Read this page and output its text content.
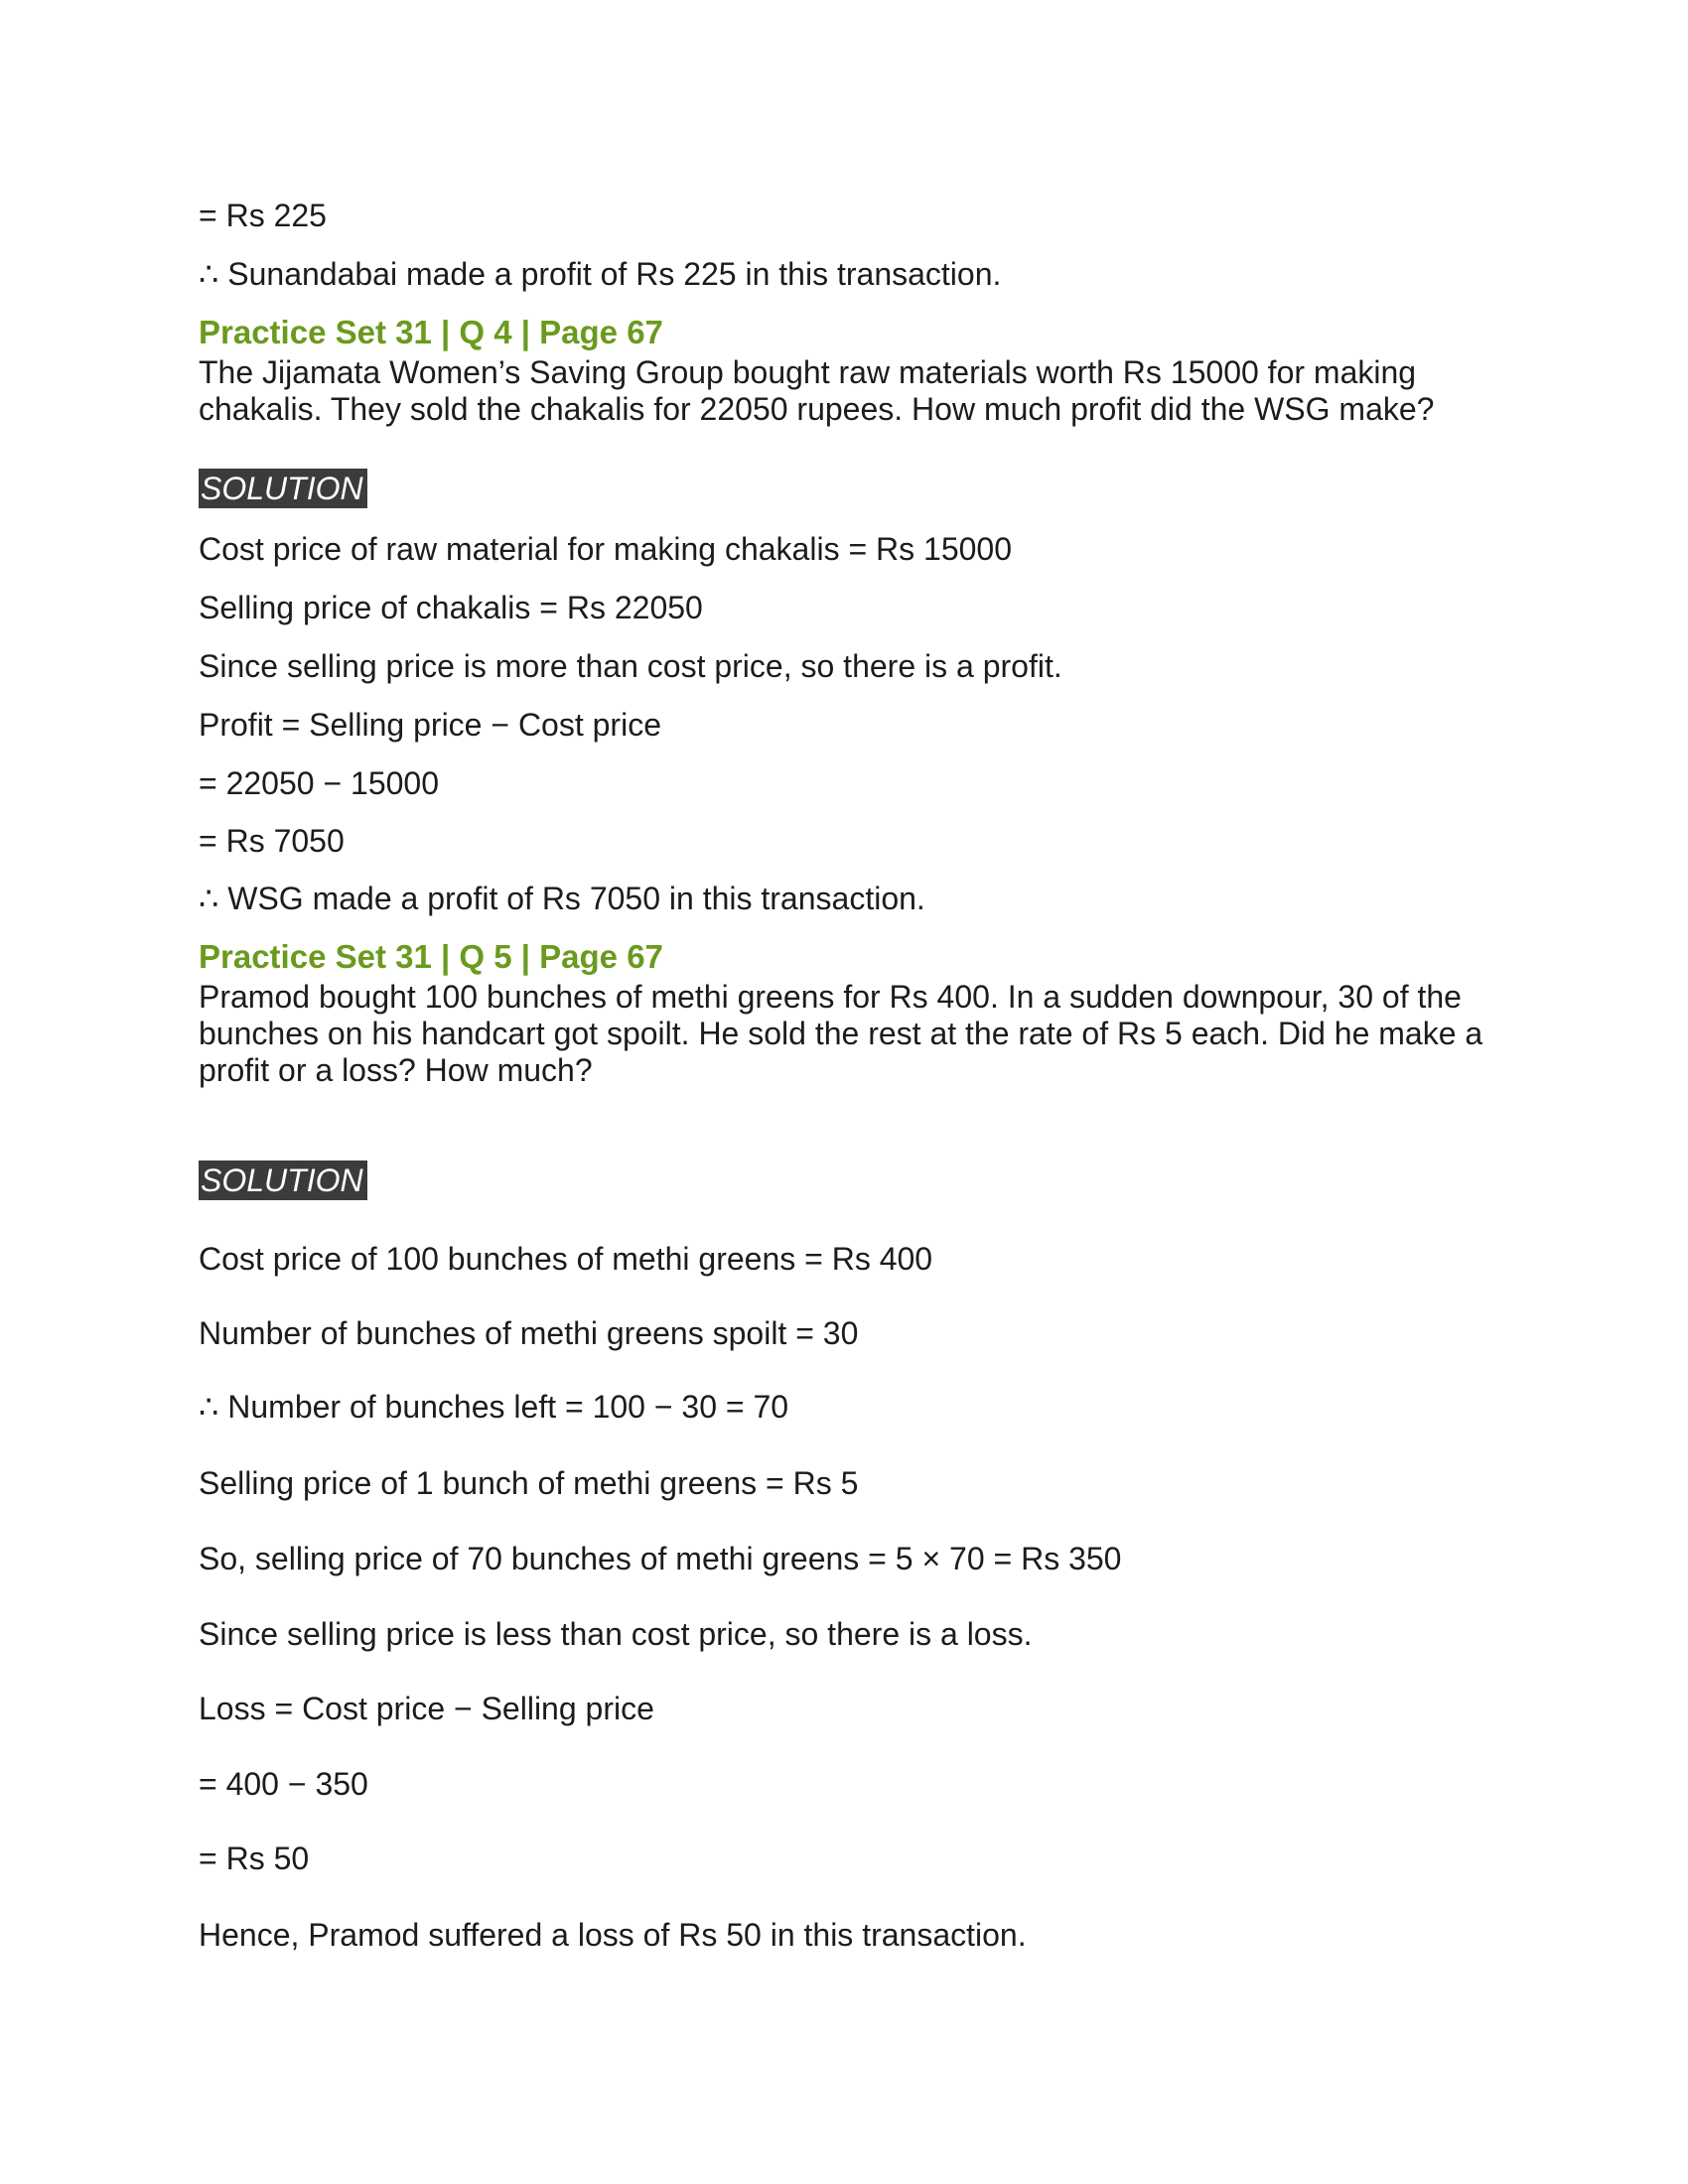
= Rs 225
∴ Sunandabai made a profit of Rs 225 in this transaction.
Practice Set 31 | Q 4 | Page 67
The Jijamata Women’s Saving Group bought raw materials worth Rs 15000 for making chakalis. They sold the chakalis for 22050 rupees. How much profit did the WSG make?
SOLUTION
Cost price of raw material for making chakalis = Rs 15000
Selling price of chakalis = Rs 22050
Since selling price is more than cost price, so there is a profit.
Profit = Selling price − Cost price
= 22050 − 15000
= Rs 7050
∴ WSG made a profit of Rs 7050 in this transaction.
Practice Set 31 | Q 5 | Page 67
Pramod bought 100 bunches of methi greens for Rs 400. In a sudden downpour, 30 of the bunches on his handcart got spoilt. He sold the rest at the rate of Rs 5 each. Did he make a profit or a loss? How much?
SOLUTION
Cost price of 100 bunches of methi greens = Rs 400
Number of bunches of methi greens spoilt = 30
∴ Number of bunches left = 100 − 30 = 70
Selling price of 1 bunch of methi greens = Rs 5
So, selling price of 70 bunches of methi greens = 5 × 70 = Rs 350
Since selling price is less than cost price, so there is a loss.
Loss = Cost price − Selling price
= 400 − 350
= Rs 50
Hence, Pramod suffered a loss of Rs 50 in this transaction.
